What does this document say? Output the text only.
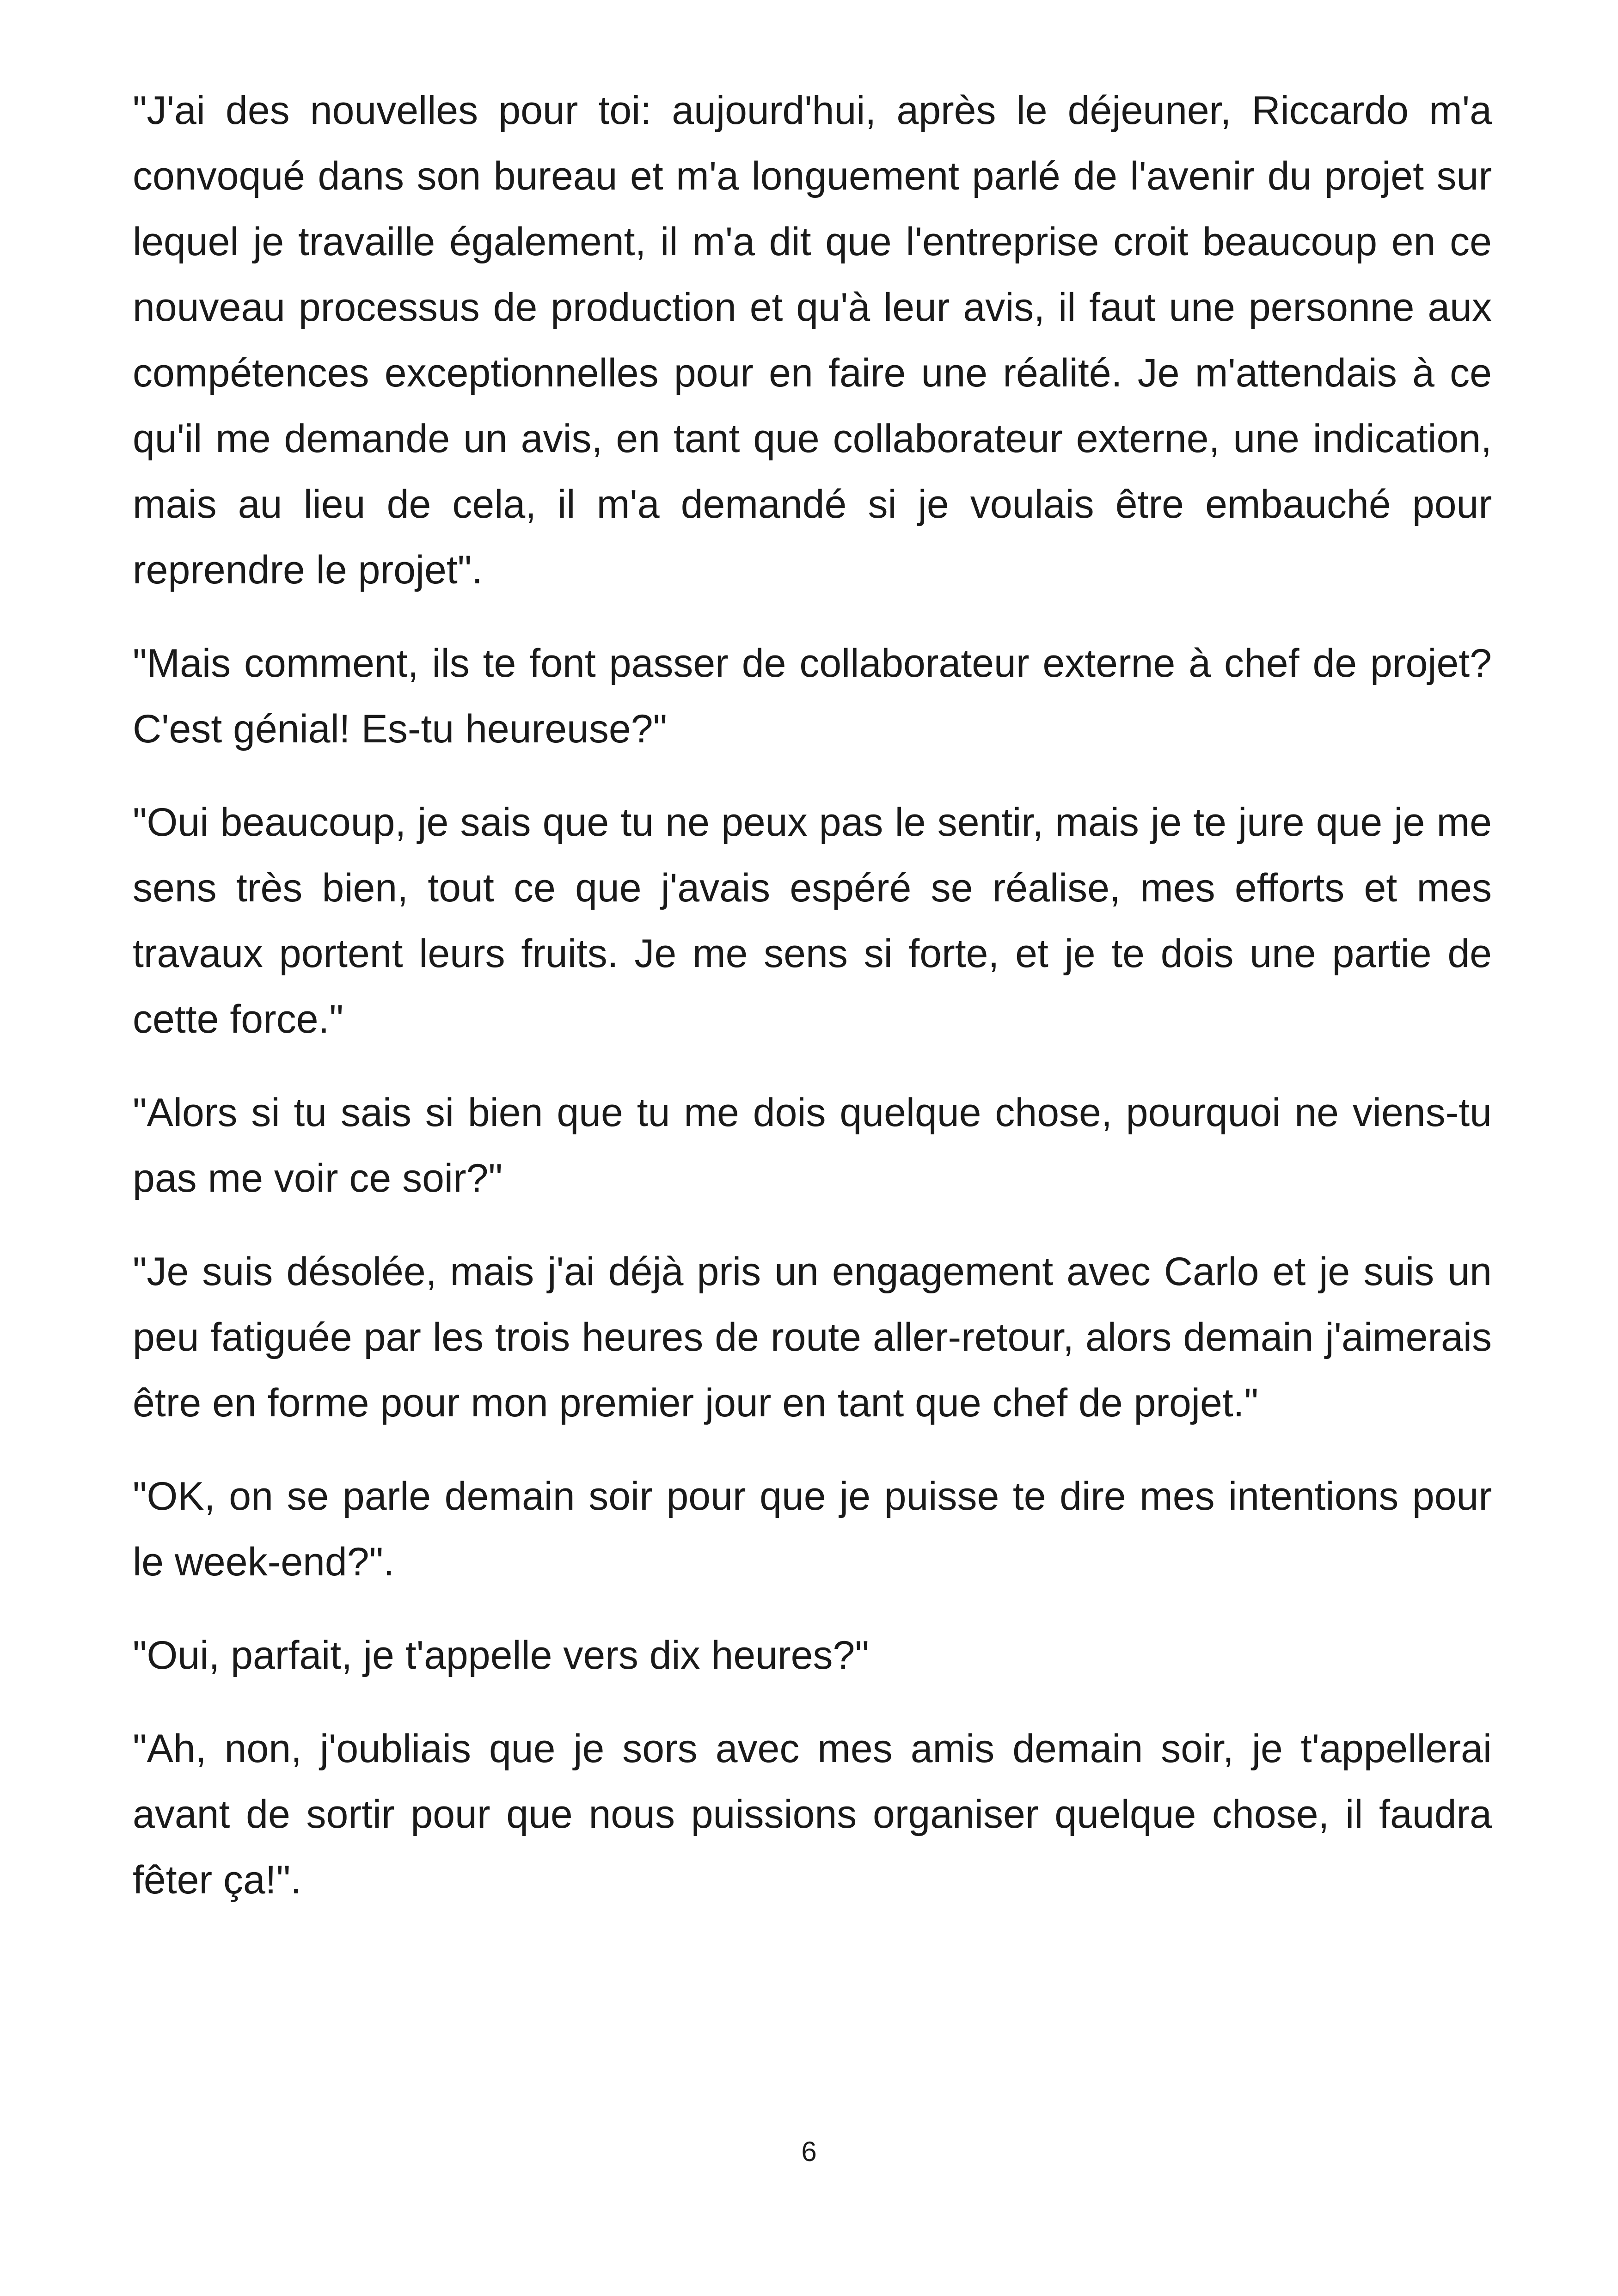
"J'ai des nouvelles pour toi: aujourd'hui, après le déjeuner, Riccardo m'a convoqué dans son bureau et m'a longuement parlé de l'avenir du projet sur lequel je travaille également, il m'a dit que l'entreprise croit beaucoup en ce nouveau processus de production et qu'à leur avis, il faut une personne aux compétences exceptionnelles pour en faire une réalité. Je m'attendais à ce qu'il me demande un avis, en tant que collaborateur externe, une indication, mais au lieu de cela, il m'a demandé si je voulais être embauché pour reprendre le projet".

"Mais comment, ils te font passer de collaborateur externe à chef de projet? C'est génial! Es-tu heureuse?"

"Oui beaucoup, je sais que tu ne peux pas le sentir, mais je te jure que je me sens très bien, tout ce que j'avais espéré se réalise, mes efforts et mes travaux portent leurs fruits. Je me sens si forte, et je te dois une partie de cette force."

"Alors si tu sais si bien que tu me dois quelque chose, pourquoi ne viens-tu pas me voir ce soir?"

"Je suis désolée, mais j'ai déjà pris un engagement avec Carlo et je suis un peu fatiguée par les trois heures de route aller-retour, alors demain j'aimerais être en forme pour mon premier jour en tant que chef de projet."

"OK, on se parle demain soir pour que je puisse te dire mes intentions pour le week-end?".

"Oui, parfait, je t'appelle vers dix heures?"

"Ah, non, j'oubliais que je sors avec mes amis demain soir, je t'appellerai avant de sortir pour que nous puissions organiser quelque chose, il faudra fêter ça!".

6
